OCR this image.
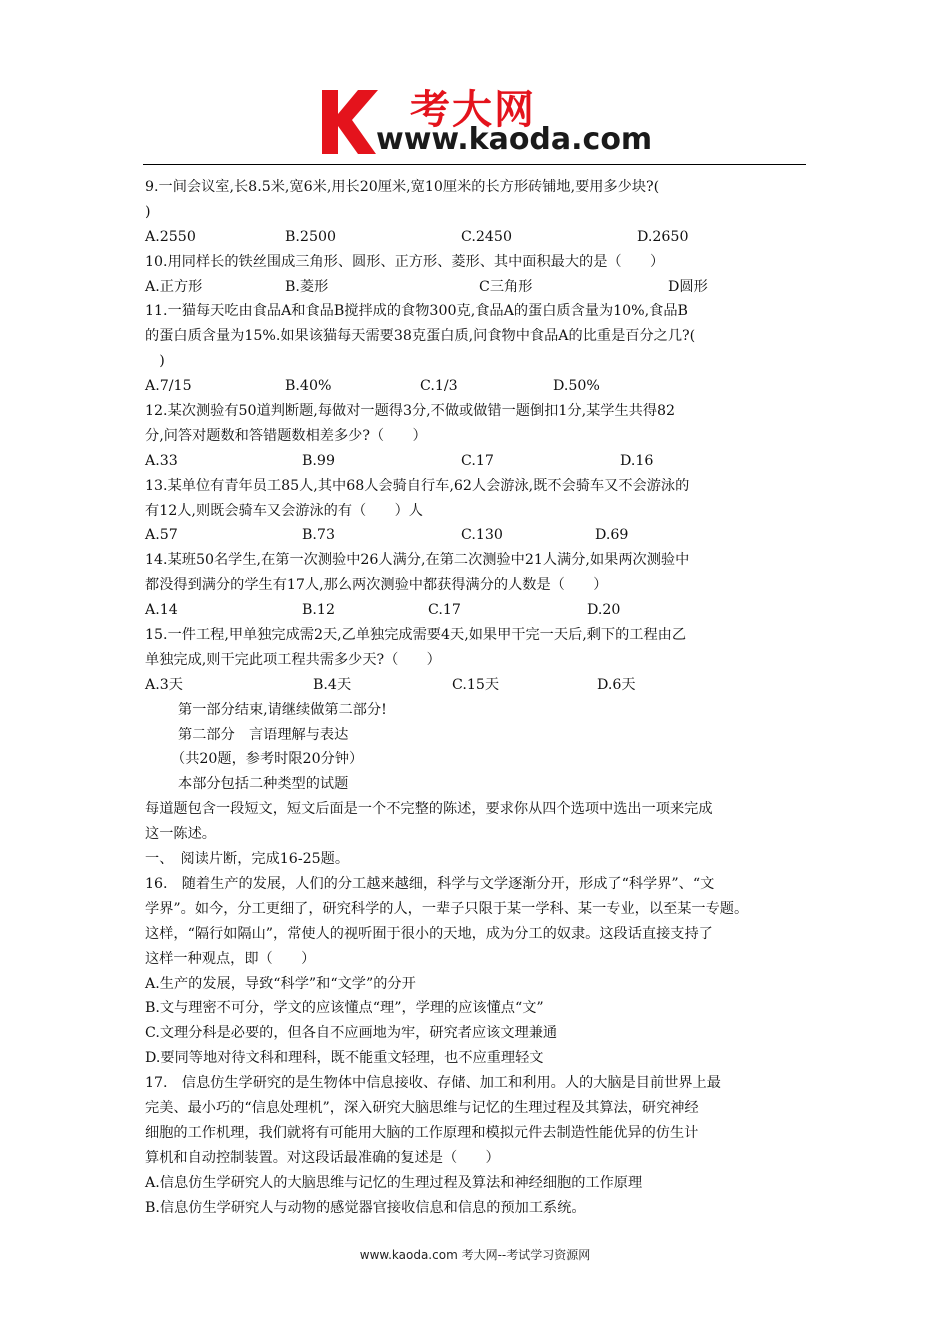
考大网
www.kaoda.com
9.一间会议室,长8.5米,宽6米,用长20厘米,宽10厘米的长方形砖铺地,要用多少块?(
)
A.2550	B.2500	C.2450	D.2650
10.用同样长的铁丝围成三角形、圆形、正方形、菱形、其中面积最大的是（　　）
A.正方形	B.菱形	C三角形	D圆形
11.一猫每天吃由食品A和食品B搅拌成的食物300克,食品A的蛋白质含量为10%,食品B
的蛋白质含量为15%.如果该猫每天需要38克蛋白质,问食物中食品A的比重是百分之几?(
　)
A.7/15	B.40%	C.1/3	D.50%
12.某次测验有50道判断题,每做对一题得3分,不做或做错一题倒扣1分,某学生共得82
分,问答对题数和答错题数相差多少?（　　）
A.33	B.99	C.17	D.16
13.某单位有青年员工85人,其中68人会骑自行车,62人会游泳,既不会骑车又不会游泳的
有12人,则既会骑车又会游泳的有（　　）人
A.57	B.73	C.130	D.69
14.某班50名学生,在第一次测验中26人满分,在第二次测验中21人满分,如果两次测验中
都没得到满分的学生有17人,那么两次测验中都获得满分的人数是（　　）
A.14	B.12	C.17	D.20
15.一件工程,甲单独完成需2天,乙单独完成需要4天,如果甲干完一天后,剩下的工程由乙
单独完成,则干完此项工程共需多少天?（　　）
A.3天	B.4天	C.15天	D.6天
第一部分结束,请继续做第二部分!
第二部分　言语理解与表达
（共20题，参考时限20分钟）
本部分包括二种类型的试题
每道题包含一段短文，短文后面是一个不完整的陈述，要求你从四个选项中选出一项来完成
这一陈述。
一、　阅读片断，完成16-25题。
16.　随着生产的发展，人们的分工越来越细，科学与文学逐渐分开，形成了“科学界”、“文
学界”。如今，分工更细了，研究科学的人，一辈子只限于某一学科、某一专业，以至某一专题。
这样，“隔行如隔山”，常使人的视听囿于很小的天地，成为分工的奴隶。这段话直接支持了
这样一种观点，即（　　）
A.生产的发展，导致“科学”和“文学”的分开
B.文与理密不可分，学文的应该懂点“理”，学理的应该懂点“文”
C.文理分科是必要的，但各自不应画地为牢，研究者应该文理兼通
D.要同等地对待文科和理科，既不能重文轻理，也不应重理轻文
17.　信息仿生学研究的是生物体中信息接收、存储、加工和利用。人的大脑是目前世界上最
完美、最小巧的“信息处理机”，深入研究大脑思维与记忆的生理过程及其算法，研究神经
细胞的工作机理，我们就将有可能用大脑的工作原理和模拟元件去制造性能优异的仿生计
算机和自动控制装置。对这段话最准确的复述是（　　）
A.信息仿生学研究人的大脑思维与记忆的生理过程及算法和神经细胞的工作原理
B.信息仿生学研究人与动物的感觉器官接收信息和信息的预加工系统。
www.kaoda.com 考大网--考试学习资源网
